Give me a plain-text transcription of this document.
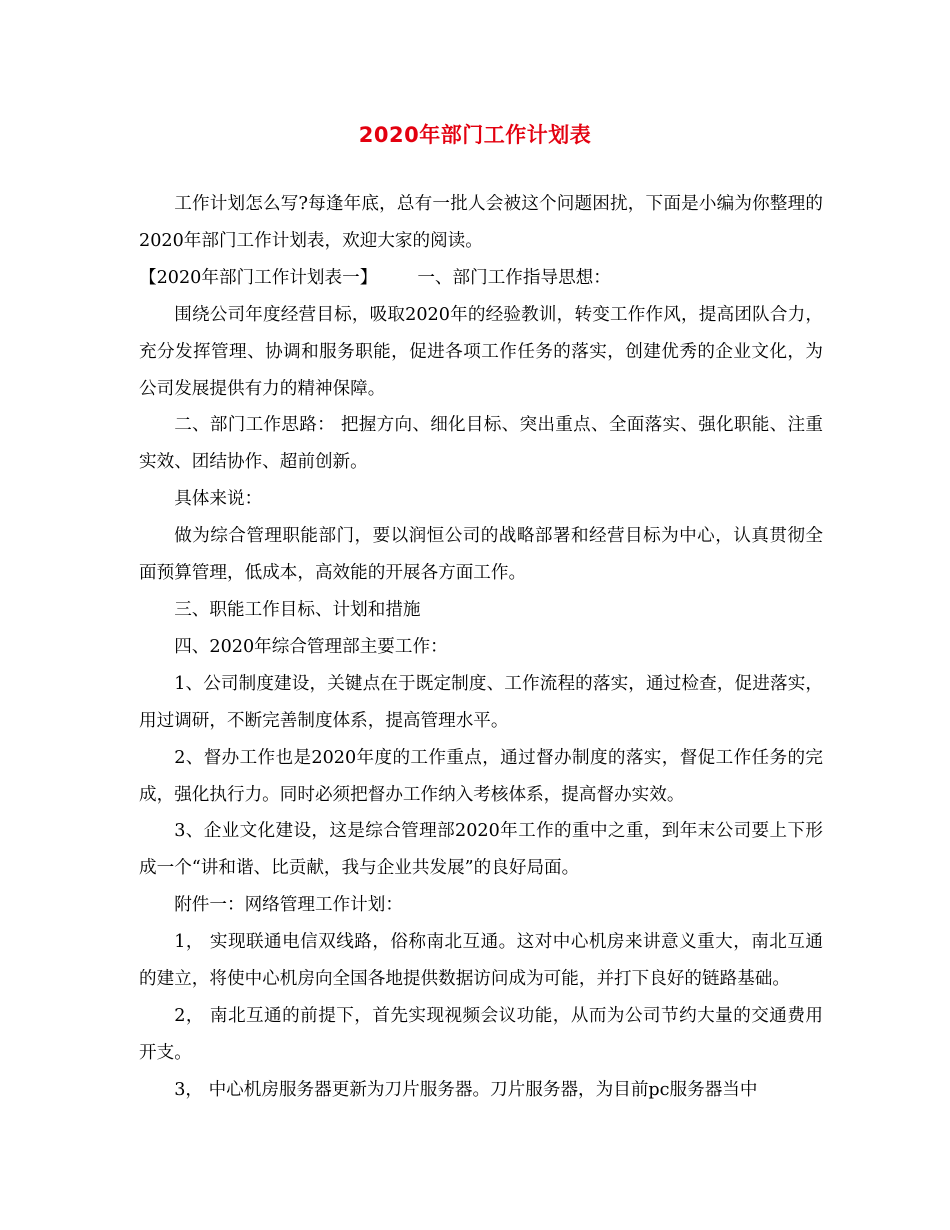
2020年部门工作计划表

工作计划怎么写?每逢年底，总有一批人会被这个问题困扰，下面是小编为你整理的2020年部门工作计划表，欢迎大家的阅读。

【2020年部门工作计划表一】 一、部门工作指导思想：

围绕公司年度经营目标，吸取2020年的经验教训，转变工作作风，提高团队合力，充分发挥管理、协调和服务职能，促进各项工作任务的落实，创建优秀的企业文化，为公司发展提供有力的精神保障。

二、部门工作思路： 把握方向、细化目标、突出重点、全面落实、强化职能、注重实效、团结协作、超前创新。

具体来说：

做为综合管理职能部门，要以润恒公司的战略部署和经营目标为中心，认真贯彻全面预算管理，低成本，高效能的开展各方面工作。

三、职能工作目标、计划和措施

四、2020年综合管理部主要工作：

1、公司制度建设，关键点在于既定制度、工作流程的落实，通过检查，促进落实，用过调研，不断完善制度体系，提高管理水平。

2、督办工作也是2020年度的工作重点，通过督办制度的落实，督促工作任务的完成，强化执行力。同时必须把督办工作纳入考核体系，提高督办实效。

3、企业文化建设，这是综合管理部2020年工作的重中之重，到年末公司要上下形成一个“讲和谐、比贡献，我与企业共发展”的良好局面。

附件一：网络管理工作计划：

1， 实现联通电信双线路，俗称南北互通。这对中心机房来讲意义重大，南北互通的建立，将使中心机房向全国各地提供数据访问成为可能，并打下良好的链路基础。

2， 南北互通的前提下，首先实现视频会议功能，从而为公司节约大量的交通费用开支。

3， 中心机房服务器更新为刀片服务器。刀片服务器，为目前pc服务器当中
